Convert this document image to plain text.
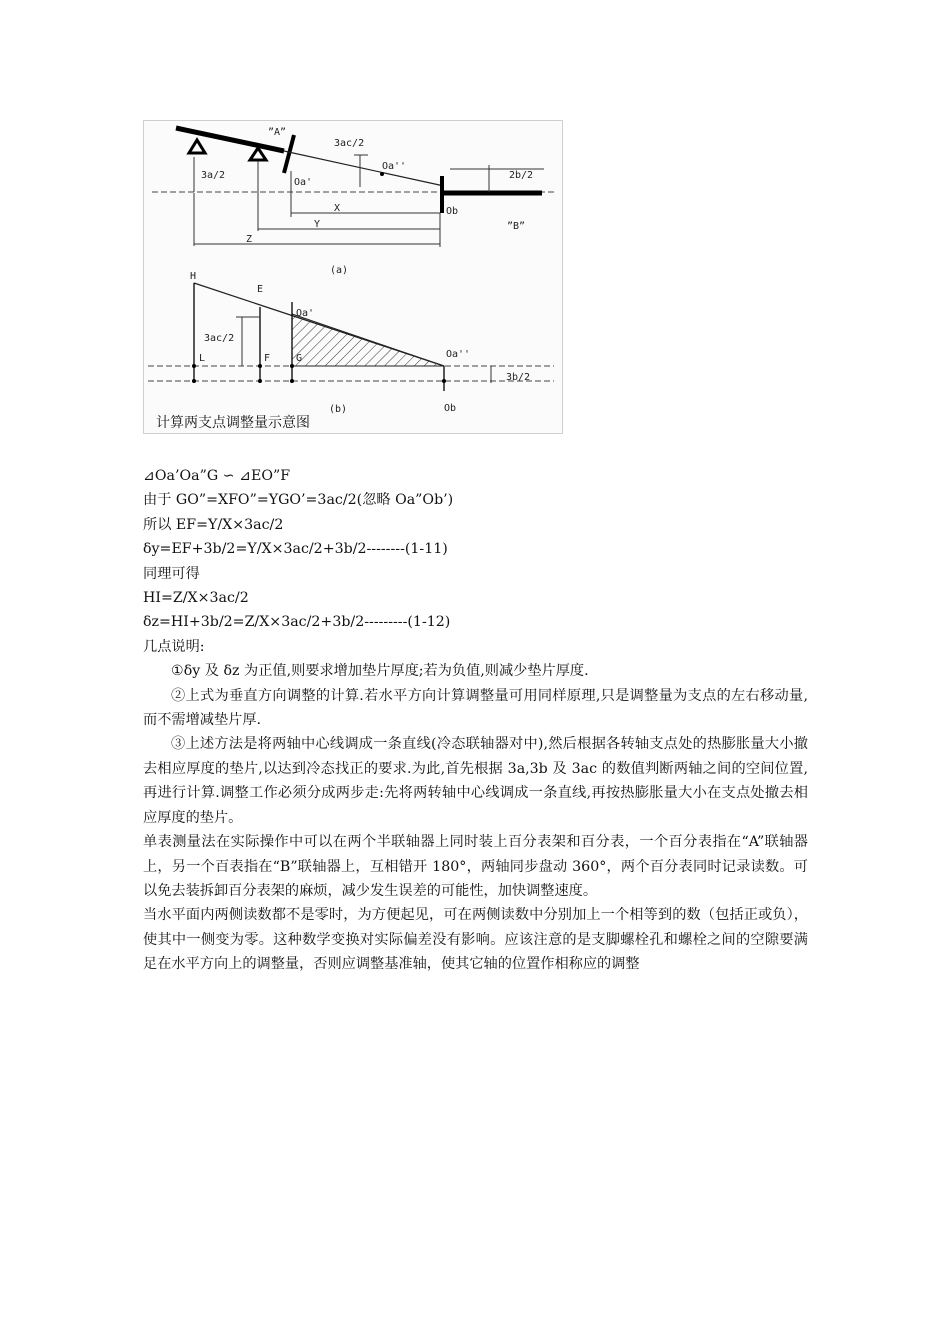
”A”
3ac/2
Oa''
2b/2
3a/2
Oa'
X
Y
Z
Ob
”B”
(a)
H
E
Oa'
3ac/2
L	F	G	Oa''
3b/2
Ob
(b)
计算两支点调整量示意图
⊿Oa’Oa”G ∽ ⊿EO”F
由于 GO”=XFO”=YGO’=3ac/2(忽略 Oa”Ob’)
所以 EF=Y/X×3ac/2
δy=EF+3b/2=Y/X×3ac/2+3b/2--------(1-11)
同理可得
HI=Z/X×3ac/2
δz=HI+3b/2=Z/X×3ac/2+3b/2---------(1-12)
几点说明:
①δy 及 δz 为正值,则要求增加垫片厚度;若为负值,则减少垫片厚度.
②上式为垂直方向调整的计算.若水平方向计算调整量可用同样原理,只是调整量为支点的左右移动量,而不需增减垫片厚.
③上述方法是将两轴中心线调成一条直线(冷态联轴器对中),然后根据各转轴支点处的热膨胀量大小撤去相应厚度的垫片,以达到冷态找正的要求.为此,首先根据 3a,3b 及 3ac 的数值判断两轴之间的空间位置,再进行计算.调整工作必须分成两步走:先将两转轴中心线调成一条直线,再按热膨胀量大小在支点处撤去相应厚度的垫片。
单表测量法在实际操作中可以在两个半联轴器上同时装上百分表架和百分表，一个百分表指在“A”联轴器上，另一个百表指在“B”联轴器上，互相错开 180°，两轴同步盘动 360°，两个百分表同时记录读数。可以免去装拆卸百分表架的麻烦，减少发生误差的可能性，加快调整速度。
当水平面内两侧读数都不是零时，为方便起见，可在两侧读数中分别加上一个相等到的数（包括正或负），使其中一侧变为零。这种数学变换对实际偏差没有影响。应该注意的是支脚螺栓孔和螺栓之间的空隙要满足在水平方向上的调整量，否则应调整基准轴，使其它轴的位置作相称应的调整
